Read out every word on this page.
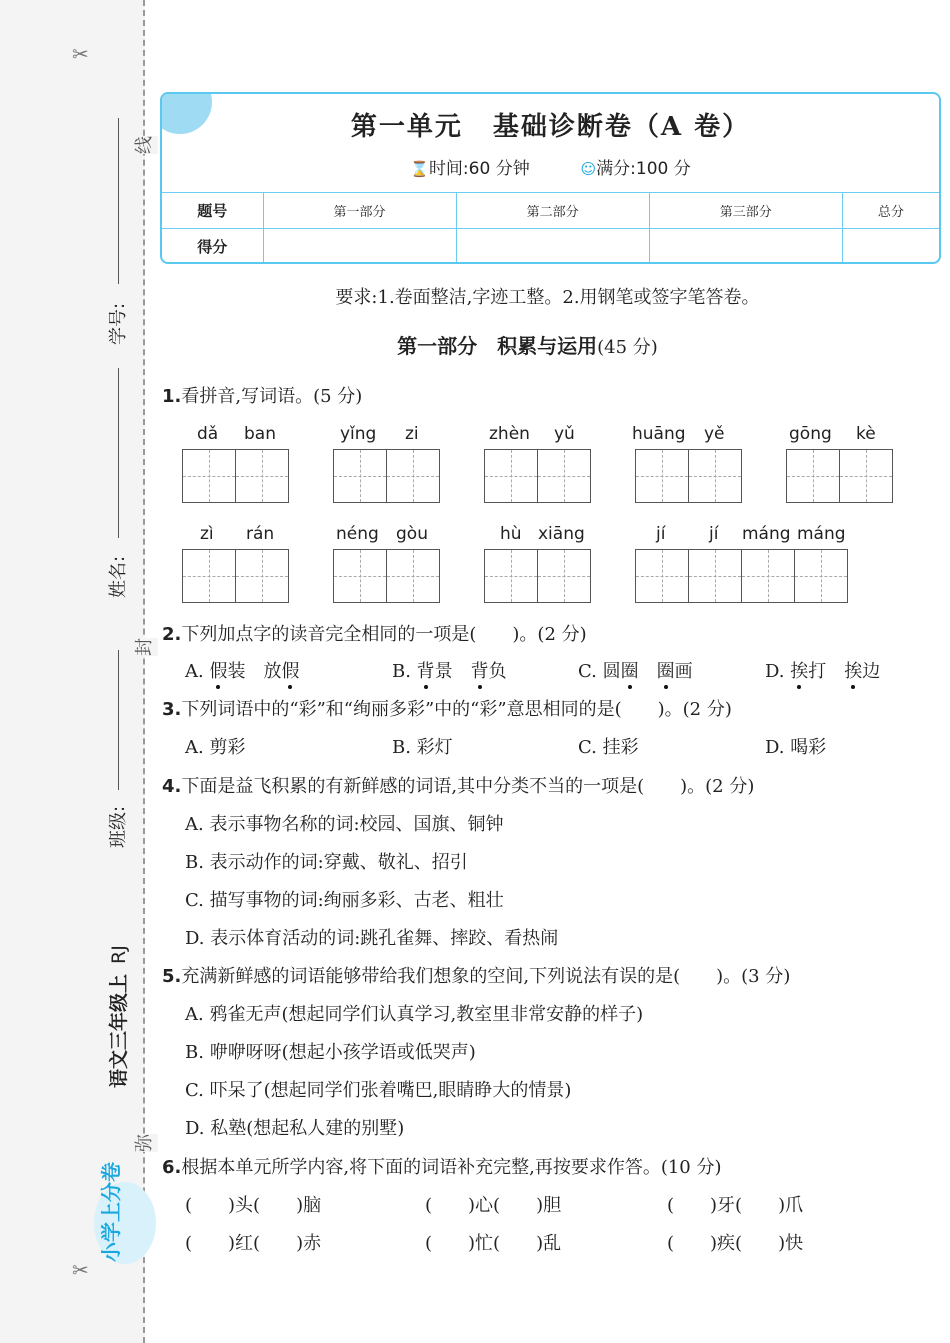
✂
✂
线
封
弥
学号:
姓名:
班级:
语文三年级上RJ
小学上分卷
第一单元 基础诊断卷（A 卷）
⌛时间:60 分钟	☺满分:100 分
题号	第一部分	第二部分	第三部分	总分
得分				
要求:1.卷面整洁,字迹工整。2.用钢笔或签字笔答卷。
第一部分　积累与运用(45 分)
1.看拼音,写词语。(5 分)
dǎ ban	yǐng zi	zhèn yǔ	huāng yě	gōng kè
zì rán	néng gòu	hù xiāng	jí	jí máng máng
2.下列加点字的读音完全相同的一项是(　　)。(2 分)
A. 假装　 放假	B. 背景　 背负	C. 圆圈　 圈画	D. 挨打　 挨边
3.下列词语中的“彩”和“绚丽多彩”中的“彩”意思相同的是(　　)。(2 分)
A. 剪彩	B. 彩灯	C. 挂彩	D. 喝彩
4.下面是益飞积累的有新鲜感的词语,其中分类不当的一项是(　　)。(2 分)
A. 表示事物名称的词:校园、国旗、铜钟
B. 表示动作的词:穿戴、敬礼、招引
C. 描写事物的词:绚丽多彩、古老、粗壮
D. 表示体育活动的词:跳孔雀舞、摔跤、看热闹
5.充满新鲜感的词语能够带给我们想象的空间,下列说法有误的是(　　)。(3 分)
A. 鸦雀无声(想起同学们认真学习,教室里非常安静的样子)
B. 咿咿呀呀(想起小孩学语或低哭声)
C. 吓呆了(想起同学们张着嘴巴,眼睛睁大的情景)
D. 私塾(想起私人建的别墅)
6.根据本单元所学内容,将下面的词语补充完整,再按要求作答。(10 分)
(　　)头(　　)脑	(　　)心(　　)胆	(　　)牙(　　)爪
(　　)红(　　)赤	(　　)忙(　　)乱	(　　)疾(　　)快
